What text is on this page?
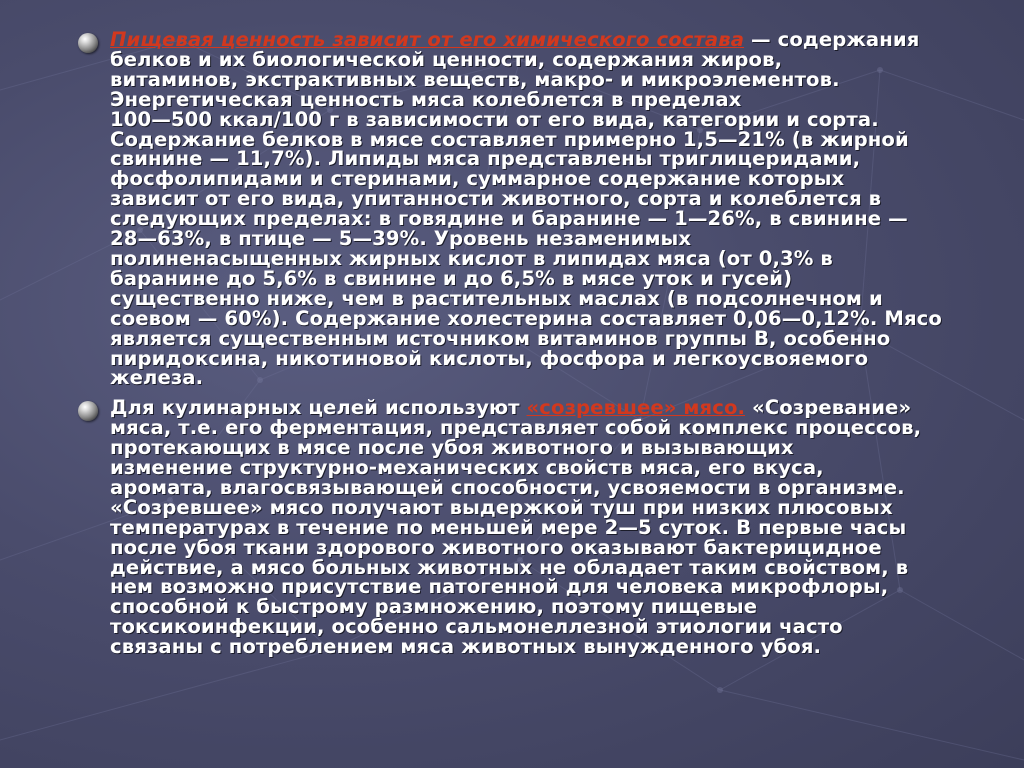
Пищевая ценность зависит от его химического состава — содержания
белков и их биологической ценности, содержания жиров,
витаминов, экстрактивных веществ, макро- и микроэлементов.
Энергетическая ценность мяса колеблется в пределах
100—500 ккал/100 г в зависимости от его вида, категории и сорта.
Содержание белков в мясе составляет примерно 1,5—21% (в жирной
свинине — 11,7%). Липиды мяса представлены триглицеридами,
фосфолипидами и стеринами, суммарное содержание которых
зависит от его вида, упитанности животного, сорта и колеблется в
следующих пределах: в говядине и баранине — 1—26%, в свинине —
28—63%, в птице — 5—39%. Уровень незаменимых
полиненасыщенных жирных кислот в липидах мяса (от 0,3% в
баранине до 5,6% в свинине и до 6,5% в мясе уток и гусей)
существенно ниже, чем в растительных маслах (в подсолнечном и
соевом — 60%). Содержание холестерина составляет 0,06—0,12%. Мясо
является существенным источником витаминов группы В, особенно
пиридоксина, никотиновой кислоты, фосфора и легкоусвояемого
железа.
Для кулинарных целей используют «созревшее» мясо. «Созревание»
мяса, т.е. его ферментация, представляет собой комплекс процессов,
протекающих в мясе после убоя животного и вызывающих
изменение структурно-механических свойств мяса, его вкуса,
аромата, влагосвязывающей способности, усвояемости в организме.
«Созревшее» мясо получают выдержкой туш при низких плюсовых
температурах в течение по меньшей мере 2—5 суток. В первые часы
после убоя ткани здорового животного оказывают бактерицидное
действие, а мясо больных животных не обладает таким свойством, в
нем возможно присутствие патогенной для человека микрофлоры,
способной к быстрому размножению, поэтому пищевые
токсикоинфекции, особенно сальмонеллезной этиологии часто
связаны с потреблением мяса животных вынужденного убоя.
